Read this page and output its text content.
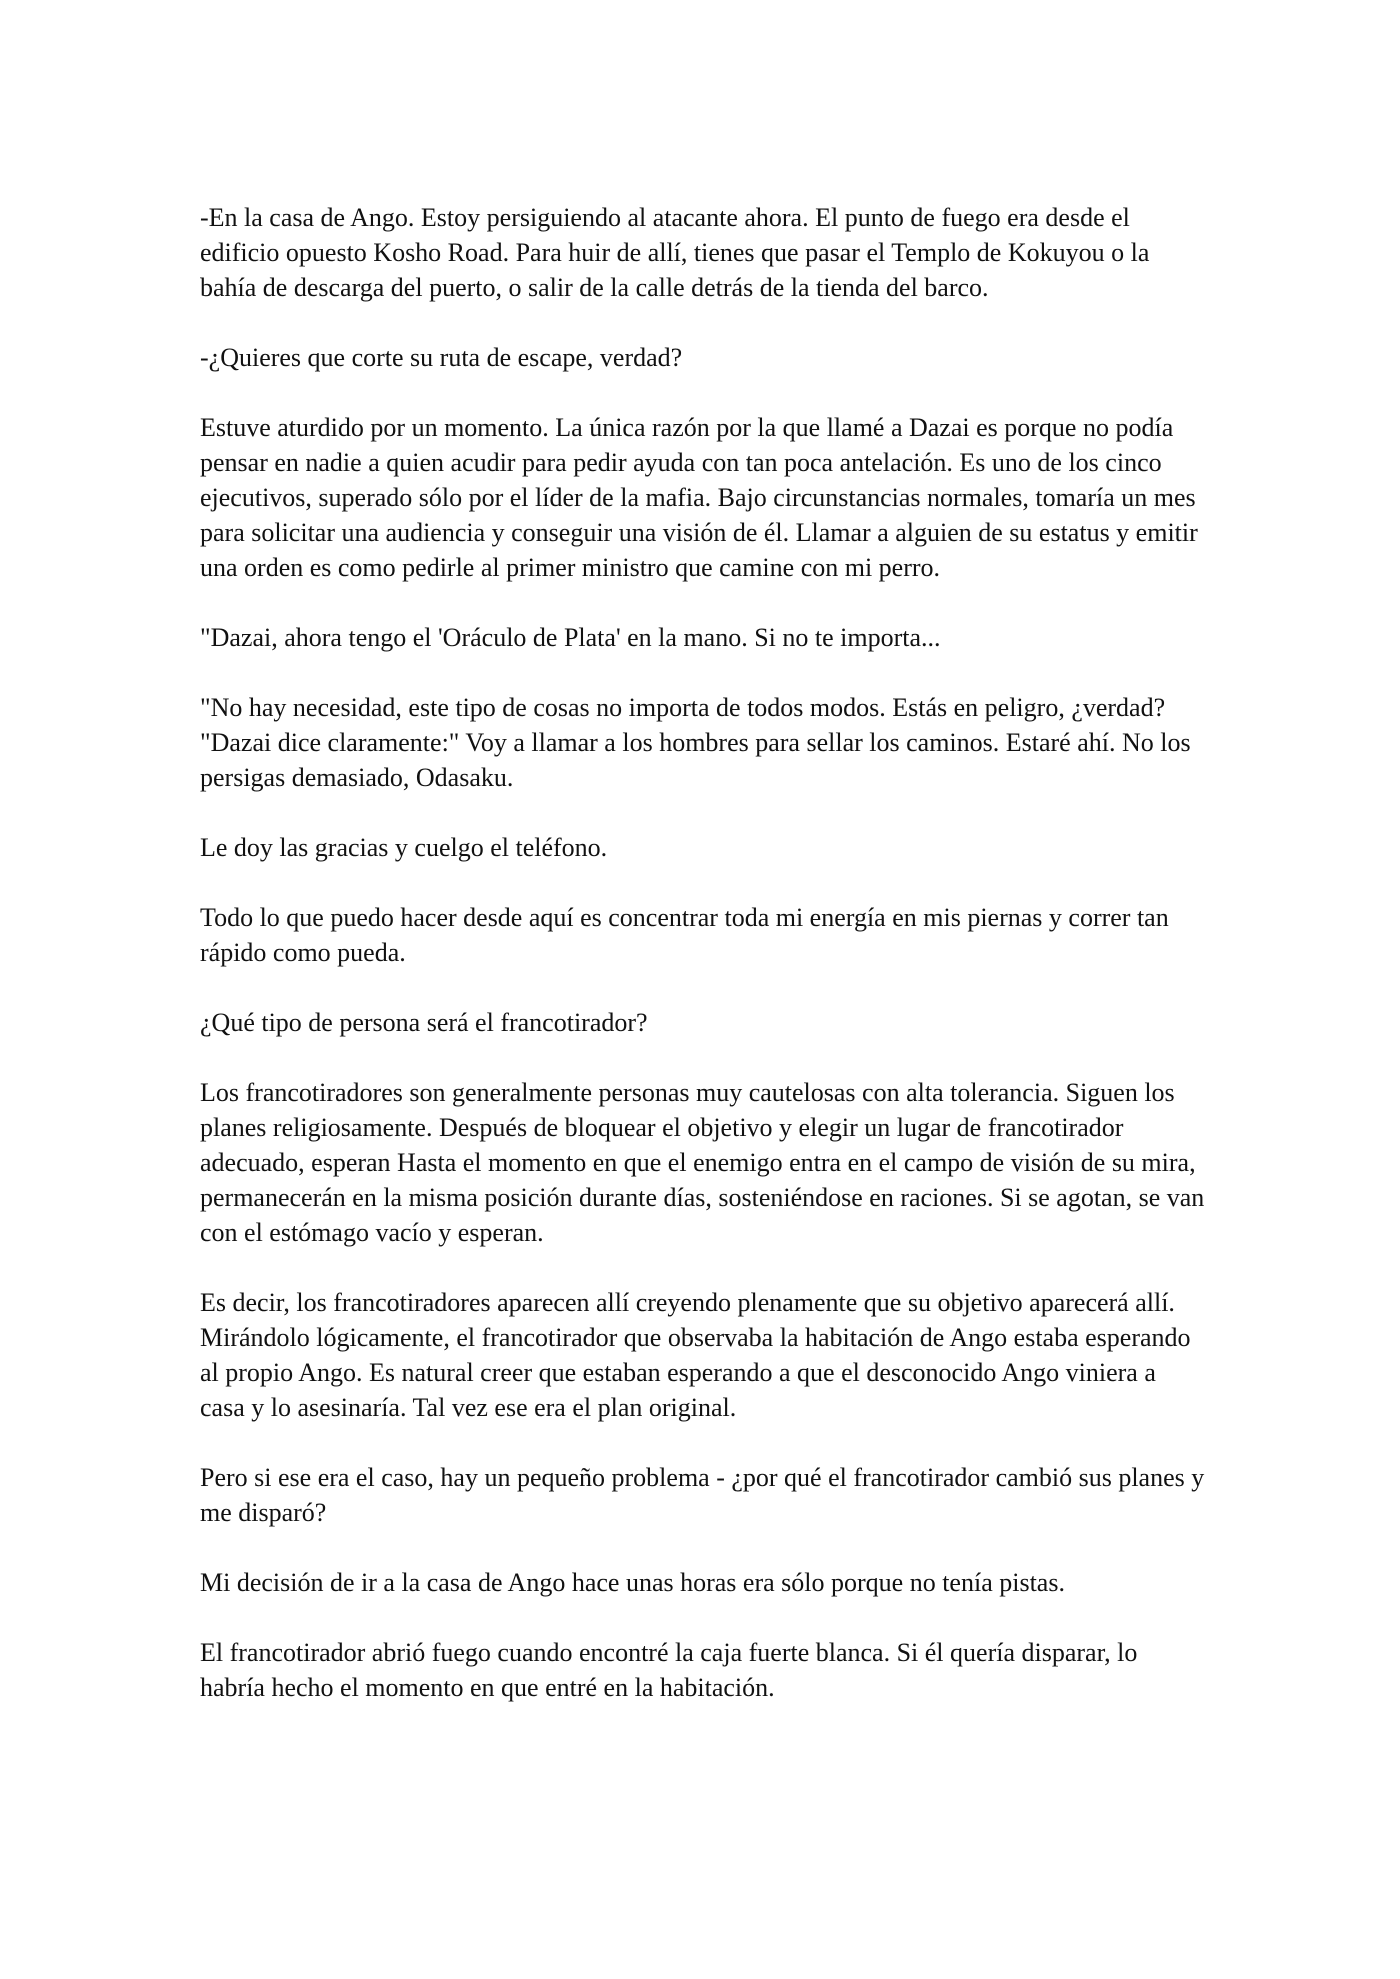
-En la casa de Ango. Estoy persiguiendo al atacante ahora. El punto de fuego era desde el edificio opuesto Kosho Road. Para huir de allí, tienes que pasar el Templo de Kokuyou o la bahía de descarga del puerto, o salir de la calle detrás de la tienda del barco.

-¿Quieres que corte su ruta de escape, verdad?

Estuve aturdido por un momento. La única razón por la que llamé a Dazai es porque no podía pensar en nadie a quien acudir para pedir ayuda con tan poca antelación. Es uno de los cinco ejecutivos, superado sólo por el líder de la mafia. Bajo circunstancias normales, tomaría un mes para solicitar una audiencia y conseguir una visión de él. Llamar a alguien de su estatus y emitir una orden es como pedirle al primer ministro que camine con mi perro.

"Dazai, ahora tengo el 'Oráculo de Plata' en la mano. Si no te importa...

"No hay necesidad, este tipo de cosas no importa de todos modos. Estás en peligro, ¿verdad? "Dazai dice claramente:" Voy a llamar a los hombres para sellar los caminos. Estaré ahí. No los persigas demasiado, Odasaku.

Le doy las gracias y cuelgo el teléfono.

Todo lo que puedo hacer desde aquí es concentrar toda mi energía en mis piernas y correr tan rápido como pueda.

¿Qué tipo de persona será el francotirador?

Los francotiradores son generalmente personas muy cautelosas con alta tolerancia. Siguen los planes religiosamente. Después de bloquear el objetivo y elegir un lugar de francotirador adecuado, esperan Hasta el momento en que el enemigo entra en el campo de visión de su mira, permanecerán en la misma posición durante días, sosteniéndose en raciones. Si se agotan, se van con el estómago vacío y esperan.

Es decir, los francotiradores aparecen allí creyendo plenamente que su objetivo aparecerá allí.

Mirándolo lógicamente, el francotirador que observaba la habitación de Ango estaba esperando al propio Ango. Es natural creer que estaban esperando a que el desconocido Ango viniera a casa y lo asesinaría. Tal vez ese era el plan original.

Pero si ese era el caso, hay un pequeño problema - ¿por qué el francotirador cambió sus planes y me disparó?

Mi decisión de ir a la casa de Ango hace unas horas era sólo porque no tenía pistas.

El francotirador abrió fuego cuando encontré la caja fuerte blanca. Si él quería disparar, lo habría hecho el momento en que entré en la habitación.
